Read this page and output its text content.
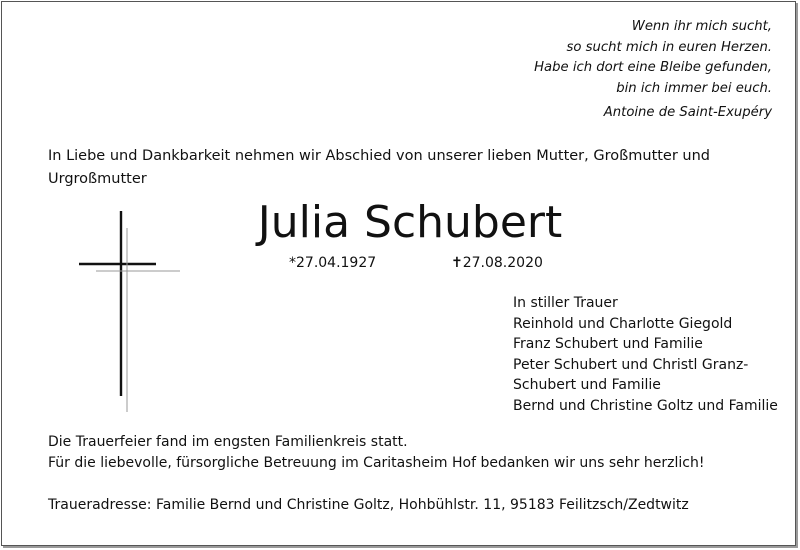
Wenn ihr mich sucht,
so sucht mich in euren Herzen.
Habe ich dort eine Bleibe gefunden,
bin ich immer bei euch.
Antoine de Saint-Exupéry
In Liebe und Dankbarkeit nehmen wir Abschied von unserer lieben Mutter, Großmutter und Urgroßmutter
Julia Schubert
*27.04.1927	✝27.08.2020
In stiller Trauer
Reinhold und Charlotte Giegold
Franz Schubert und Familie
Peter Schubert und Christl Granz-
Schubert und Familie
Bernd und Christine Goltz und Familie
Die Trauerfeier fand im engsten Familienkreis statt.
Für die liebevolle, fürsorgliche Betreuung im Caritasheim Hof bedanken wir uns sehr herzlich!
Traueradresse: Familie Bernd und Christine Goltz, Hohbühlstr. 11, 95183 Feilitzsch/Zedtwitz
